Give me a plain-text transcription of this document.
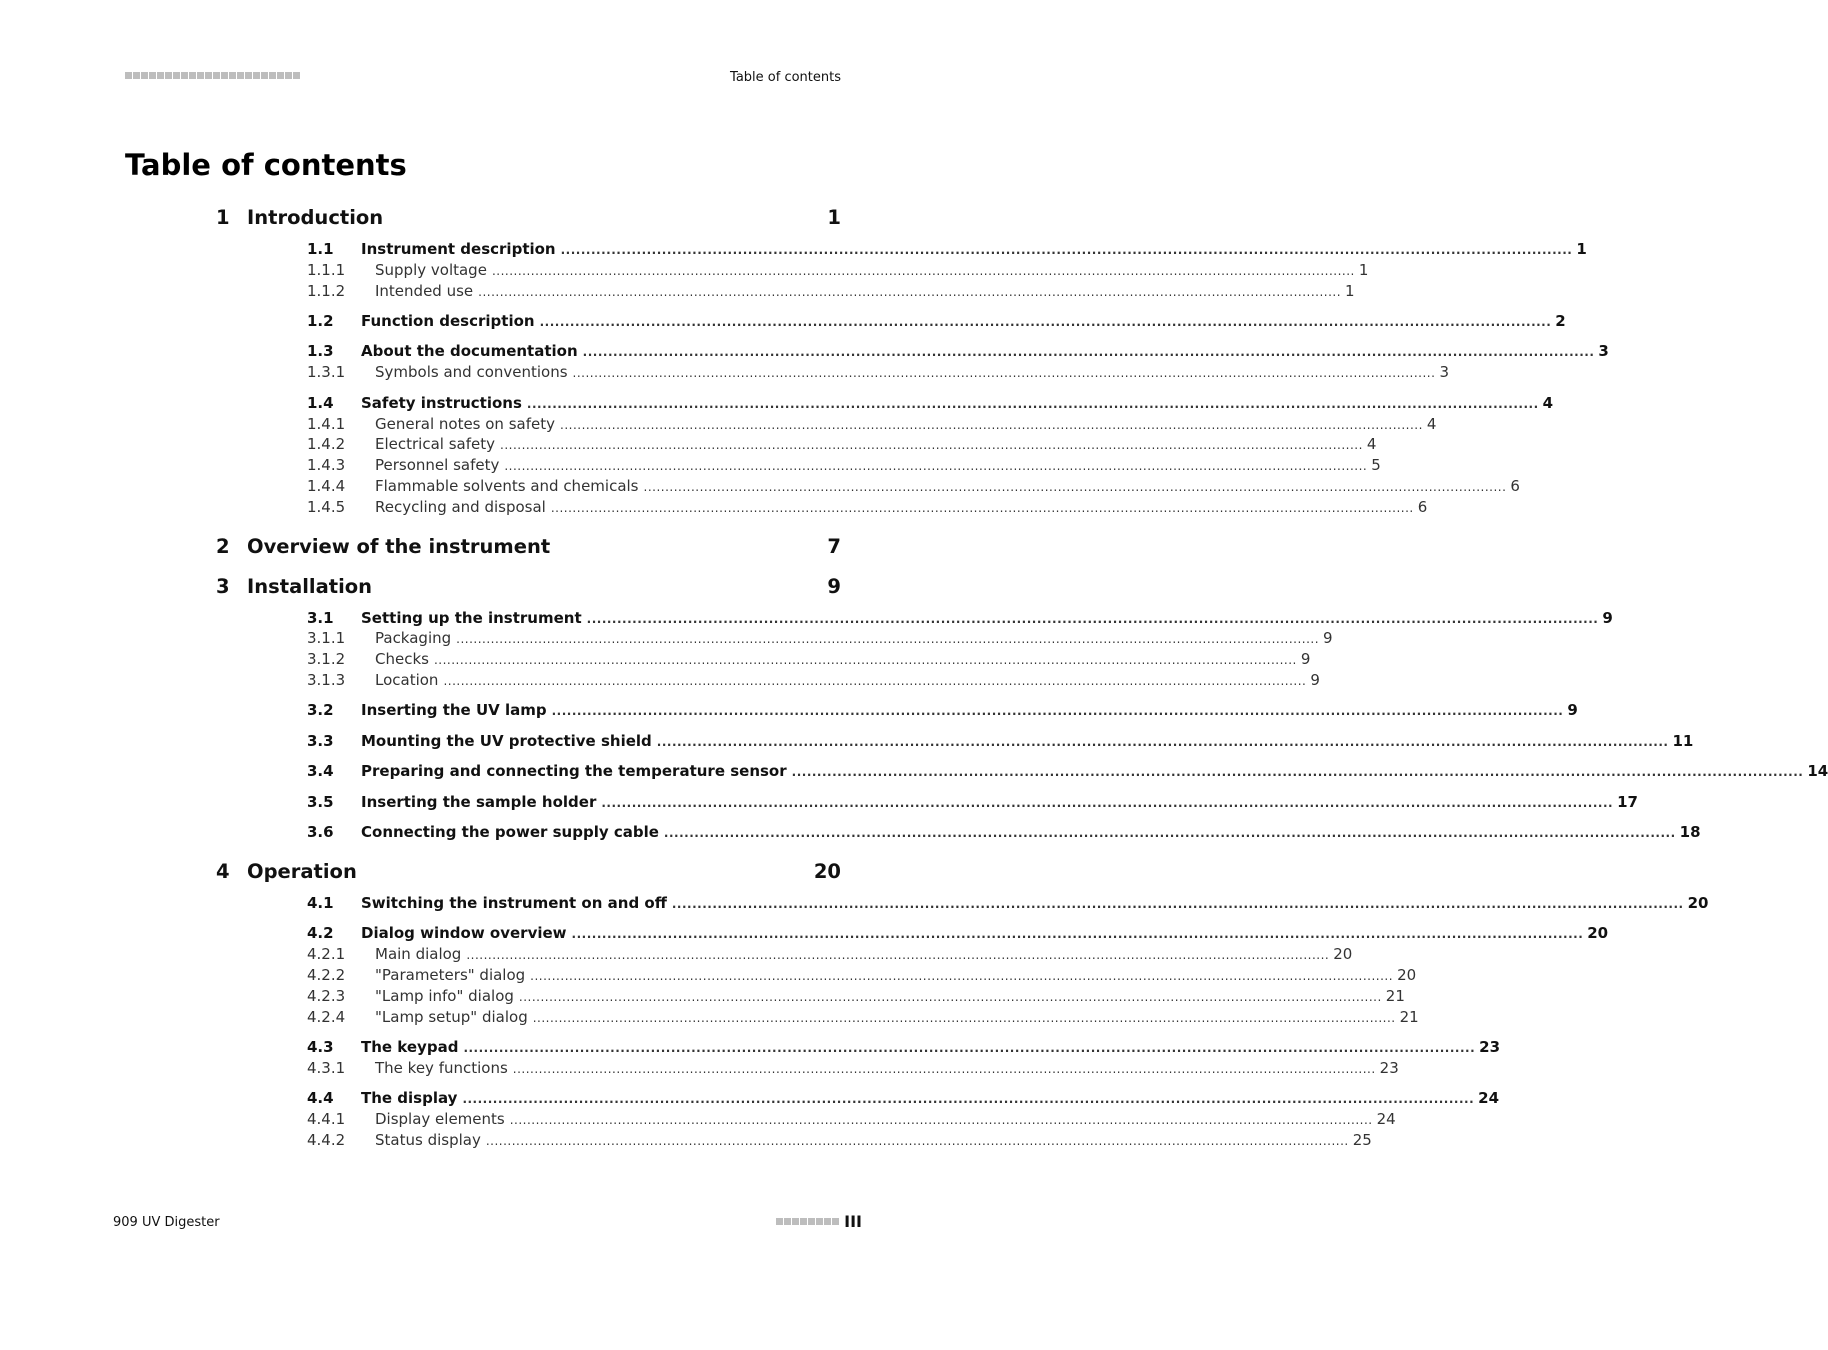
Table of contents
Table of contents
1 Introduction	1
1.1	Instrument description ........................................................................................................................................................................................................ 1
1.1.1	Supply voltage ........................................................................................................................................................................................................ 1
1.1.2	Intended use ........................................................................................................................................................................................................ 1
1.2	Function description ........................................................................................................................................................................................................ 2
1.3	About the documentation ........................................................................................................................................................................................................ 3
1.3.1	Symbols and conventions ........................................................................................................................................................................................................ 3
1.4	Safety instructions ........................................................................................................................................................................................................ 4
1.4.1	General notes on safety ........................................................................................................................................................................................................ 4
1.4.2	Electrical safety ........................................................................................................................................................................................................ 4
1.4.3	Personnel safety ........................................................................................................................................................................................................ 5
1.4.4	Flammable solvents and chemicals ........................................................................................................................................................................................................ 6
1.4.5	Recycling and disposal ........................................................................................................................................................................................................ 6
2 Overview of the instrument	7
3 Installation	9
3.1	Setting up the instrument ........................................................................................................................................................................................................ 9
3.1.1	Packaging ........................................................................................................................................................................................................ 9
3.1.2	Checks ........................................................................................................................................................................................................ 9
3.1.3	Location ........................................................................................................................................................................................................ 9
3.2	Inserting the UV lamp ........................................................................................................................................................................................................ 9
3.3	Mounting the UV protective shield ........................................................................................................................................................................................................ 11
3.4	Preparing and connecting the temperature sensor ........................................................................................................................................................................................................ 14
3.5	Inserting the sample holder ........................................................................................................................................................................................................ 17
3.6	Connecting the power supply cable ........................................................................................................................................................................................................ 18
4 Operation	20
4.1	Switching the instrument on and off ........................................................................................................................................................................................................ 20
4.2	Dialog window overview ........................................................................................................................................................................................................ 20
4.2.1	Main dialog ........................................................................................................................................................................................................ 20
4.2.2	"Parameters" dialog ........................................................................................................................................................................................................ 20
4.2.3	"Lamp info" dialog ........................................................................................................................................................................................................ 21
4.2.4	"Lamp setup" dialog ........................................................................................................................................................................................................ 21
4.3	The keypad ........................................................................................................................................................................................................ 23
4.3.1	The key functions ........................................................................................................................................................................................................ 23
4.4	The display ........................................................................................................................................................................................................ 24
4.4.1	Display elements ........................................................................................................................................................................................................ 24
4.4.2	Status display ........................................................................................................................................................................................................ 25
909 UV Digester	III
